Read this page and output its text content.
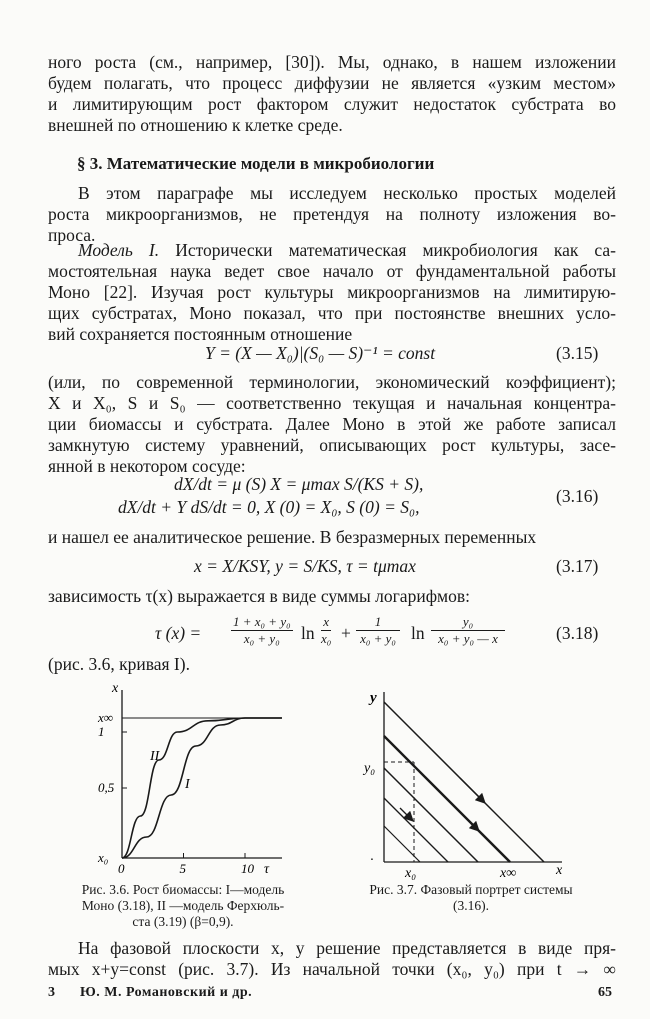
ного роста (см., например, [30]). Мы, однако, в нашем изложении
будем полагать, что процесс диффузии не является «узким местом»
и лимитирующим рост фактором служит недостаток субстрата во
внешней по отношению к клетке среде.
§ 3. Математические модели в микробиологии
В этом параграфе мы исследуем несколько простых моделей
роста микроорганизмов, не претендуя на полноту изложения во-
проса.
Модель I. Исторически математическая микробиология как са-
мостоятельная наука ведет свое начало от фундаментальной работы
Моно [22]. Изучая рост культуры микроорганизмов на лимитирую-
щих субстратах, Моно показал, что при постоянстве внешних усло-
вий сохраняется постоянным отношение
Y = (X — X₀)|(S₀ — S)⁻¹ = const	(3.15)
(или, по современной терминологии, экономический коэффициент);
X и X₀, S и S₀ — соответственно текущая и начальная концентра-
ции биомассы и субстрата. Далее Моно в этой же работе записал
замкнутую систему уравнений, описывающих рост культуры, засе-
янной в некотором сосуде:
dX/dt = μ (S) X = μmax S/(KS + S),
dX/dt + Y dS/dt = 0, X (0) = X₀, S (0) = S₀,
(3.16)
и нашел ее аналитическое решение. В безразмерных переменных
x = X/KSY, y = S/KS, τ = tμmax	(3.17)
зависимость τ(x) выражается в виде суммы логарифмов:
τ $(x) = \frac{\text{1 + x₀ + y₀}}{\text{x₀ + y₀}}$ $\ln \frac{x}{\text{x₀}} + \frac{1}{\text{x₀ + y₀}}$ $\ln \frac{\text{y₀}}{\text{x₀ + y₀ — x}}$	(3.18)
(рис. 3.6, кривая I).
0	5	10
x₀
0,5
1
x∞
I
II
x
τ
Рис. 3.6. Рост биомассы: I—модель
Моно (3.18), II —модель Ферхюль-
ста (3.19) (β=0,9).
y
x
y₀
x₀	x∞
·
Рис. 3.7. Фазовый портрет системы
(3.16).
На фазовой плоскости x, y решение представляется в виде пря-
мых x+y=const (рис. 3.7). Из начальной точки (x₀, y₀) при t → ∞
3 Ю. М. Романовский и др.	65
